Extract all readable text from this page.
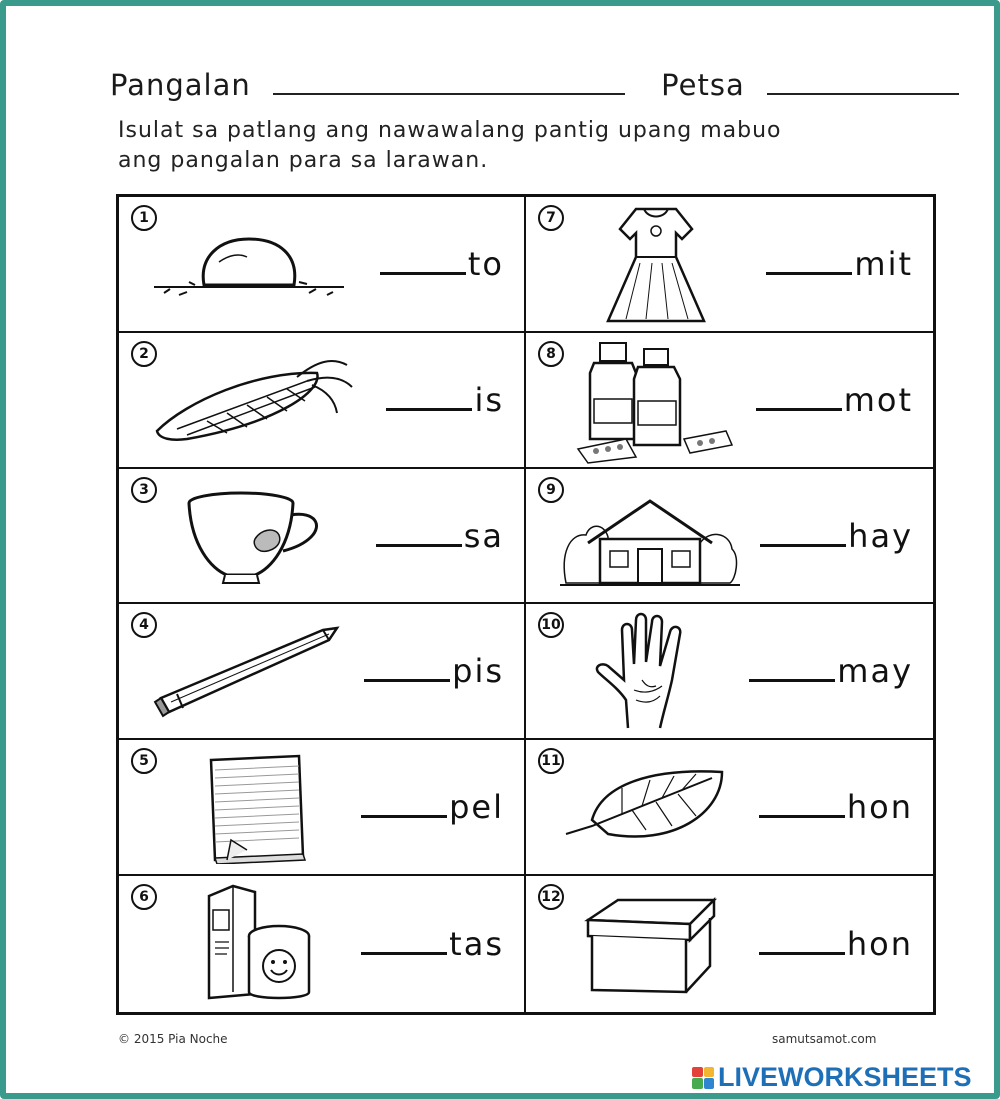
Pangalan	Petsa
Isulat sa patlang ang nawawalang pantig upang mabuo
ang pangalan para sa larawan.
1
to
7
mit
2
is
8
mot
3
sa
9
hay
4
pis
10
may
5
pel
11
hon
6
tas
12
hon
© 2015 Pia Noche	samutsamot.com
LIVEWORKSHEETS
